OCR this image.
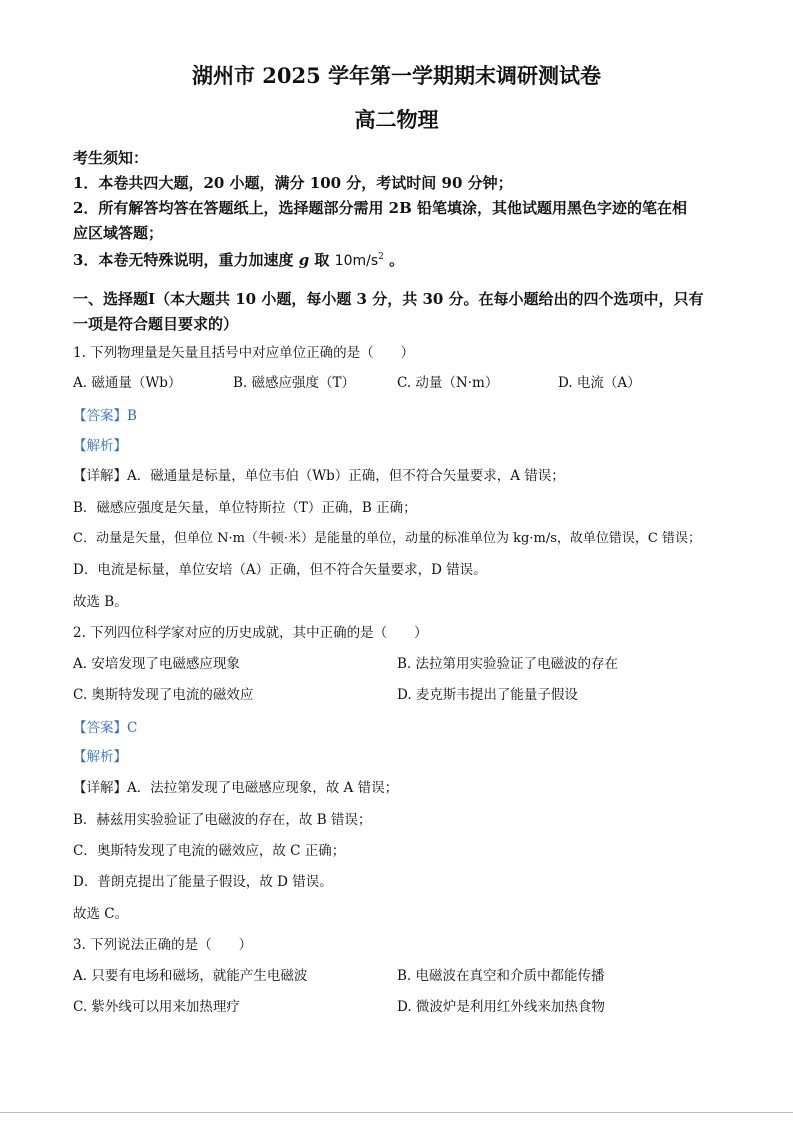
湖州市 2025 学年第一学期期末调研测试卷
高二物理
考生须知：
1．本卷共四大题，20 小题，满分 100 分，考试时间 90 分钟；
2．所有解答均答在答题纸上，选择题部分需用 2B 铅笔填涂，其他试题用黑色字迹的笔在相
应区域答题；
3．本卷无特殊说明，重力加速度 g 取 $10m/s^2$ 。
一、选择题Ⅰ（本大题共 10 小题，每小题 3 分，共 30 分。在每小题给出的四个选项中，只有
一项是符合题目要求的）
1. 下列物理量是矢量且括号中对应单位正确的是（　　）
A. 磁通量（Wb）	B. 磁感应强度（T）	C. 动量（N·m）	D. 电流（A）
【答案】B
【解析】
【详解】A．磁通量是标量，单位韦伯（Wb）正确，但不符合矢量要求，A 错误；
B．磁感应强度是矢量，单位特斯拉（T）正确，B 正确；
C．动量是矢量，但单位 N·m（牛顿·米）是能量的单位，动量的标准单位为 kg·m/s，故单位错误，C 错误；
D．电流是标量，单位安培（A）正确，但不符合矢量要求，D 错误。
故选 B。
2. 下列四位科学家对应的历史成就，其中正确的是（　　）
A. 安培发现了电磁感应现象	B. 法拉第用实验验证了电磁波的存在
C. 奥斯特发现了电流的磁效应	D. 麦克斯韦提出了能量子假设
【答案】C
【解析】
【详解】A．法拉第发现了电磁感应现象，故 A 错误；
B．赫兹用实验验证了电磁波的存在，故 B 错误；
C．奥斯特发现了电流的磁效应，故 C 正确；
D．普朗克提出了能量子假设，故 D 错误。
故选 C。
3. 下列说法正确的是（　　）
A. 只要有电场和磁场，就能产生电磁波	B. 电磁波在真空和介质中都能传播
C. 紫外线可以用来加热理疗	D. 微波炉是利用红外线来加热食物
